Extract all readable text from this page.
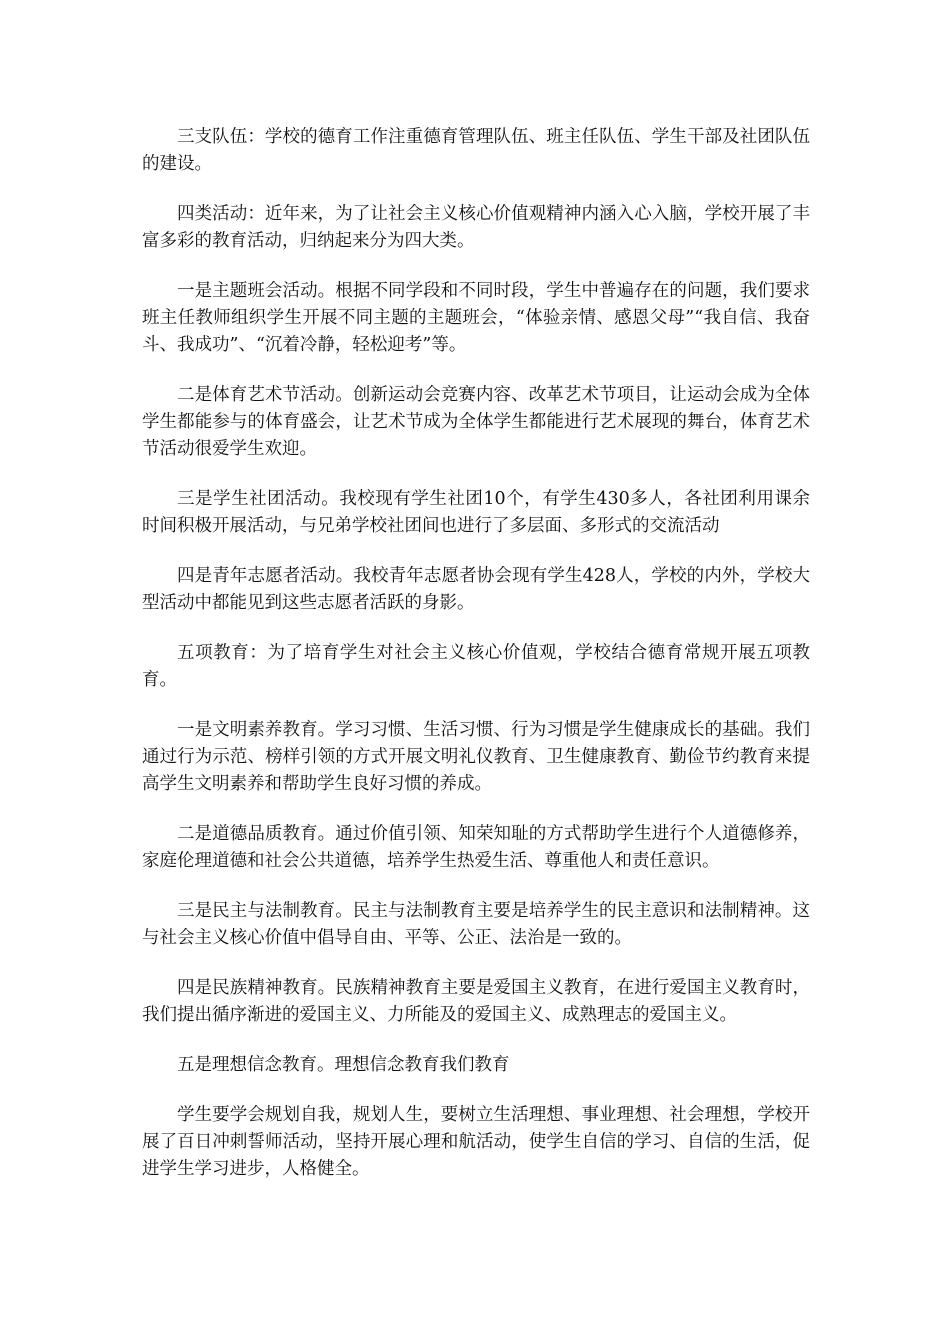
三支队伍：学校的德育工作注重德育管理队伍、班主任队伍、学生干部及社团队伍的建设。

四类活动：近年来，为了让社会主义核心价值观精神内涵入心入脑，学校开展了丰富多彩的教育活动，归纳起来分为四大类。

一是主题班会活动。根据不同学段和不同时段，学生中普遍存在的问题，我们要求班主任教师组织学生开展不同主题的主题班会，“体验亲情、感恩父母”“我自信、我奋斗、我成功”、“沉着冷静，轻松迎考”等。

二是体育艺术节活动。创新运动会竞赛内容、改革艺术节项目，让运动会成为全体学生都能参与的体育盛会，让艺术节成为全体学生都能进行艺术展现的舞台，体育艺术节活动很爱学生欢迎。

三是学生社团活动。我校现有学生社团10个，有学生430多人，各社团利用课余时间积极开展活动，与兄弟学校社团间也进行了多层面、多形式的交流活动

四是青年志愿者活动。我校青年志愿者协会现有学生428人，学校的内外，学校大型活动中都能见到这些志愿者活跃的身影。

五项教育：为了培育学生对社会主义核心价值观，学校结合德育常规开展五项教育。

一是文明素养教育。学习习惯、生活习惯、行为习惯是学生健康成长的基础。我们通过行为示范、榜样引领的方式开展文明礼仪教育、卫生健康教育、勤俭节约教育来提高学生文明素养和帮助学生良好习惯的养成。

二是道德品质教育。通过价值引领、知荣知耻的方式帮助学生进行个人道德修养，家庭伦理道德和社会公共道德，培养学生热爱生活、尊重他人和责任意识。

三是民主与法制教育。民主与法制教育主要是培养学生的民主意识和法制精神。这与社会主义核心价值中倡导自由、平等、公正、法治是一致的。

四是民族精神教育。民族精神教育主要是爱国主义教育，在进行爱国主义教育时，我们提出循序渐进的爱国主义、力所能及的爱国主义、成熟理志的爱国主义。

五是理想信念教育。理想信念教育我们教育

学生要学会规划自我，规划人生，要树立生活理想、事业理想、社会理想，学校开展了百日冲刺誓师活动，坚持开展心理和航活动，使学生自信的学习、自信的生活，促进学生学习进步，人格健全。
